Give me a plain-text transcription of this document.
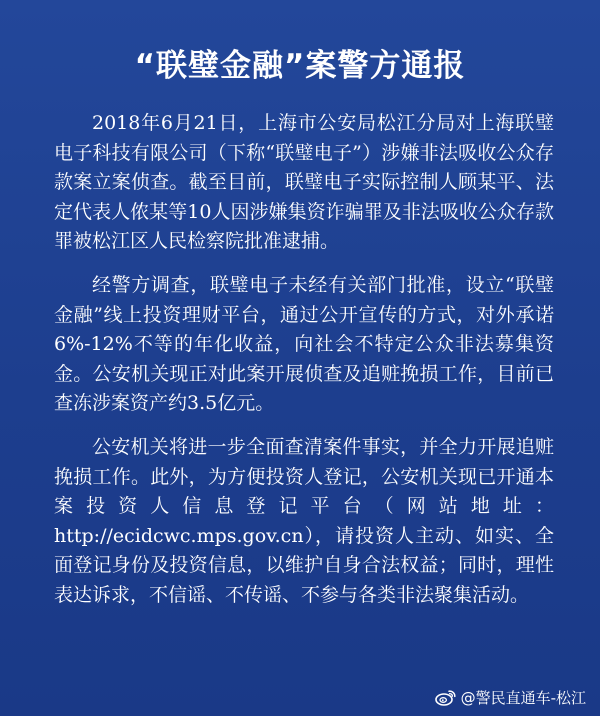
“联璧金融”案警方通报

2018年6月21日，上海市公安局松江分局对上海联璧电子科技有限公司（下称“联璧电子”）涉嫌非法吸收公众存款案立案侦查。截至目前，联璧电子实际控制人顾某平、法定代表人侬某等10人因涉嫌集资诈骗罪及非法吸收公众存款罪被松江区人民检察院批准逮捕。

经警方调查，联璧电子未经有关部门批准，设立“联璧金融”线上投资理财平台，通过公开宣传的方式，对外承诺6%-12%不等的年化收益，向社会不特定公众非法募集资金。公安机关现正对此案开展侦查及追赃挽损工作，目前已查冻涉案资产约3.5亿元。

公安机关将进一步全面查清案件事实，并全力开展追赃挽损工作。此外，为方便投资人登记，公安机关现已开通本案投资人信息登记平台（网站地址：http://ecidcwc.mps.gov.cn），请投资人主动、如实、全面登记身份及投资信息，以维护自身合法权益；同时，理性表达诉求，不信谣、不传谣、不参与各类非法聚集活动。

@警民直通车-松江
